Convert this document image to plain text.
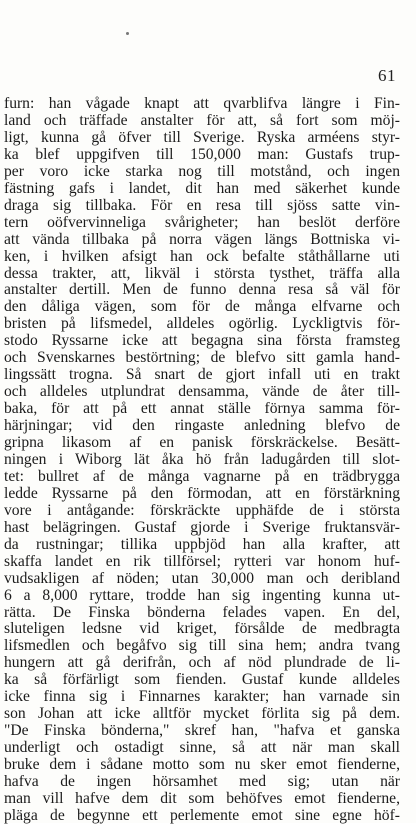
61
furn: han vågade knapt att qvarblifva längre i Fin-
land och träffade anstalter för att, så fort som möj-
ligt, kunna gå öfver till Sverige. Ryska arméens styr-
ka blef uppgifven till 150,000 man: Gustafs trup-
per voro icke starka nog till motstånd, och ingen
fästning gafs i landet, dit han med säkerhet kunde
draga sig tillbaka. För en resa till sjöss satte vin-
tern oöfvervinneliga svårigheter; han beslöt derföre
att vända tillbaka på norra vägen längs Bottniska vi-
ken, i hvilken afsigt han ock befalte ståthållarne uti
dessa trakter, att, likväl i största tysthet, träffa alla
anstalter dertill. Men de funno denna resa så väl för
den dåliga vägen, som för de många elfvarne och
bristen på lifsmedel, alldeles ogörlig. Lyckligtvis för-
stodo Ryssarne icke att begagna sina första framsteg
och Svenskarnes bestörtning; de blefvo sitt gamla hand-
lingssätt trogna. Så snart de gjort infall uti en trakt
och alldeles utplundrat densamma, vände de åter till-
baka, för att på ett annat ställe förnya samma för-
härjningar; vid den ringaste anledning blefvo de
gripna likasom af en panisk förskräckelse. Besätt-
ningen i Wiborg lät åka hö från ladugården till slot-
tet: bullret af de många vagnarne på en trädbrygga
ledde Ryssarne på den förmodan, att en förstärkning
vore i antågande: förskräckte upphäfde de i största
hast belägringen. Gustaf gjorde i Sverige fruktansvär-
da rustningar; tillika uppbjöd han alla krafter, att
skaffa landet en rik tillförsel; rytteri var honom huf-
vudsakligen af nöden; utan 30,000 man och deribland
6 a 8,000 ryttare, trodde han sig ingenting kunna ut-
rätta. De Finska bönderna felades vapen. En del,
sluteligen ledsne vid kriget, försålde de medbragta
lifsmedlen och begåfvo sig till sina hem; andra tvang
hungern att gå derifrån, och af nöd plundrade de li-
ka så förfärligt som fienden. Gustaf kunde alldeles
icke finna sig i Finnarnes karakter; han varnade sin
son Johan att icke alltför mycket förlita sig på dem.
"De Finska bönderna," skref han, "hafva et ganska
underligt och ostadigt sinne, så att när man skall
bruke dem i sådane motto som nu sker emot fienderne,
hafva de ingen hörsamhet med sig; utan när
man vill hafve dem dit som behöfves emot fienderne,
pläga de begynne ett perlemente emot sine egne höf-
